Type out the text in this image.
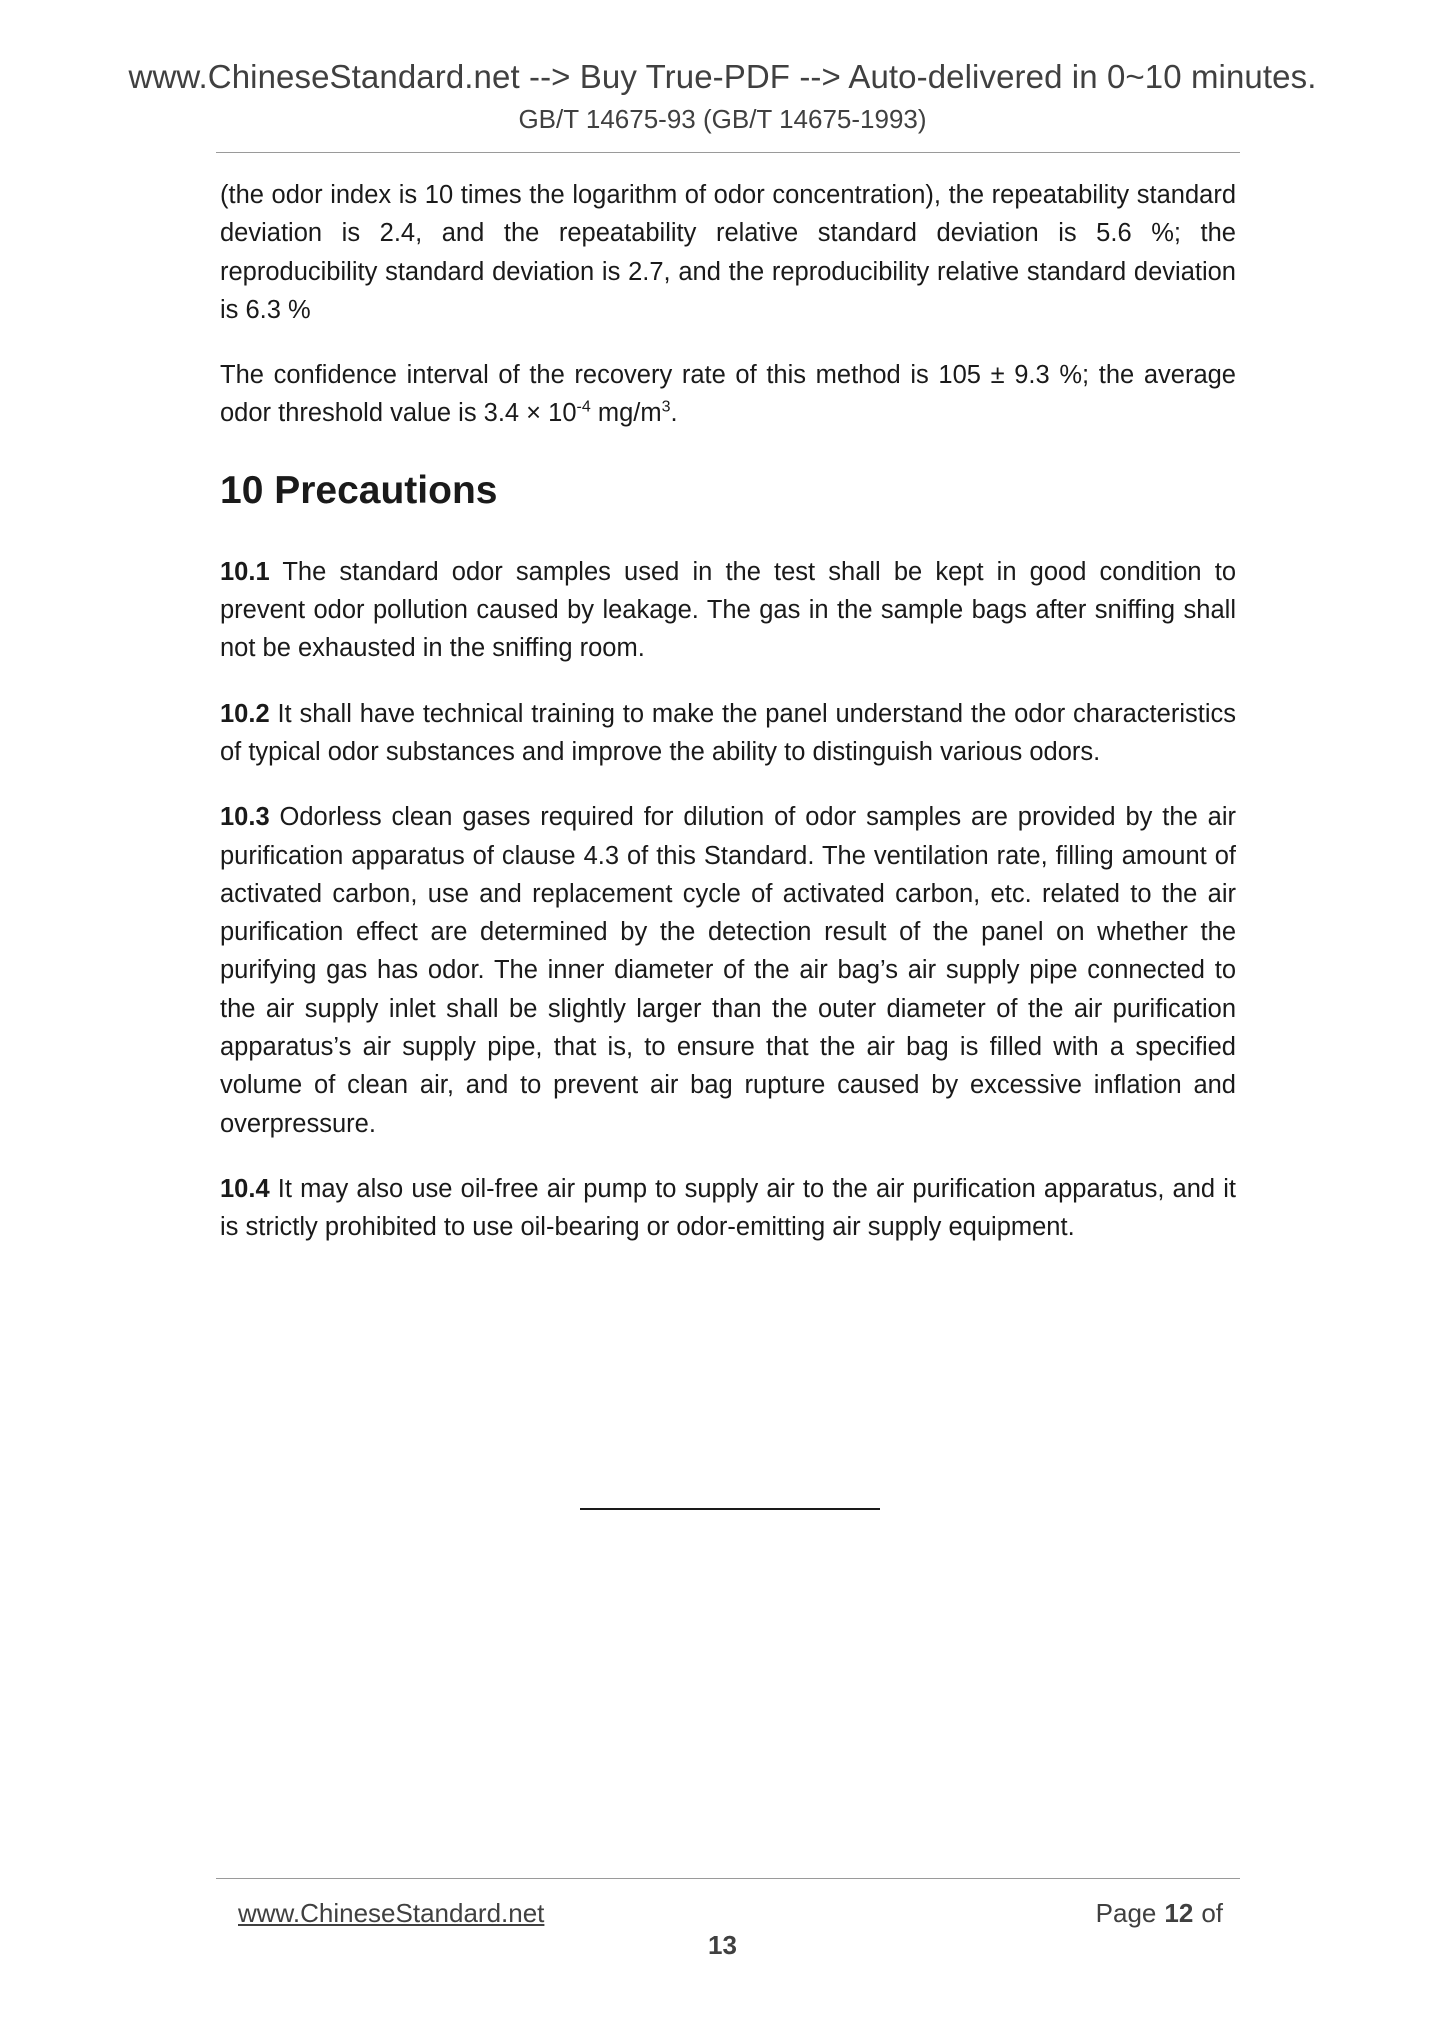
www.ChineseStandard.net --> Buy True-PDF --> Auto-delivered in 0~10 minutes.
GB/T 14675-93 (GB/T 14675-1993)

(the odor index is 10 times the logarithm of odor concentration), the repeatability standard deviation is 2.4, and the repeatability relative standard deviation is 5.6 %; the reproducibility standard deviation is 2.7, and the reproducibility relative standard deviation is 6.3 %

The confidence interval of the recovery rate of this method is 105 ± 9.3 %; the average odor threshold value is $3.4 \times 10^{-4}$ $mg/m^3$.

10 Precautions

10.1 The standard odor samples used in the test shall be kept in good condition to prevent odor pollution caused by leakage. The gas in the sample bags after sniffing shall not be exhausted in the sniffing room.

10.2 It shall have technical training to make the panel understand the odor characteristics of typical odor substances and improve the ability to distinguish various odors.

10.3 Odorless clean gases required for dilution of odor samples are provided by the air purification apparatus of clause 4.3 of this Standard. The ventilation rate, filling amount of activated carbon, use and replacement cycle of activated carbon, etc. related to the air purification effect are determined by the detection result of the panel on whether the purifying gas has odor. The inner diameter of the air bag’s air supply pipe connected to the air supply inlet shall be slightly larger than the outer diameter of the air purification apparatus’s air supply pipe, that is, to ensure that the air bag is filled with a specified volume of clean air, and to prevent air bag rupture caused by excessive inflation and overpressure.

10.4 It may also use oil-free air pump to supply air to the air purification apparatus, and it is strictly prohibited to use oil-bearing or odor-emitting air supply equipment.

www.ChineseStandard.net	Page 12 of
13
